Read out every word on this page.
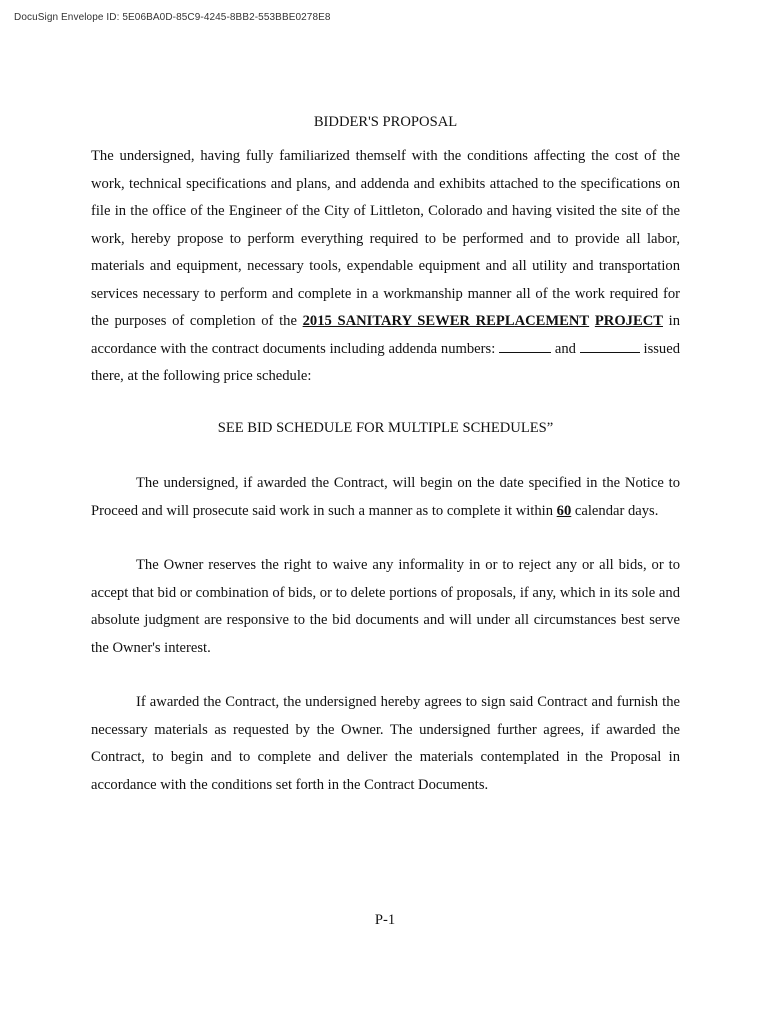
DocuSign Envelope ID: 5E06BA0D-85C9-4245-8BB2-553BBE0278E8

BIDDER'S PROPOSAL

The undersigned, having fully familiarized themself with the conditions affecting the cost of the work, technical specifications and plans, and addenda and exhibits attached to the specifications on file in the office of the Engineer of the City of Littleton, Colorado and having visited the site of the work, hereby propose to perform everything required to be performed and to provide all labor, materials and equipment, necessary tools, expendable equipment and all utility and transportation services necessary to perform and complete in a workmanship manner all of the work required for the purposes of completion of the 2015 SANITARY SEWER REPLACEMENT PROJECT in accordance with the contract documents including addenda numbers:	and	issued there, at the following price schedule:

SEE BID SCHEDULE FOR MULTIPLE SCHEDULES”

The undersigned, if awarded the Contract, will begin on the date specified in the Notice to Proceed and will prosecute said work in such a manner as to complete it within 60 calendar days.

The Owner reserves the right to waive any informality in or to reject any or all bids, or to accept that bid or combination of bids, or to delete portions of proposals, if any, which in its sole and absolute judgment are responsive to the bid documents and will under all circumstances best serve the Owner's interest.

If awarded the Contract, the undersigned hereby agrees to sign said Contract and furnish the necessary materials as requested by the Owner. The undersigned further agrees, if awarded the Contract, to begin and to complete and deliver the materials contemplated in the Proposal in accordance with the conditions set forth in the Contract Documents.

P-1
